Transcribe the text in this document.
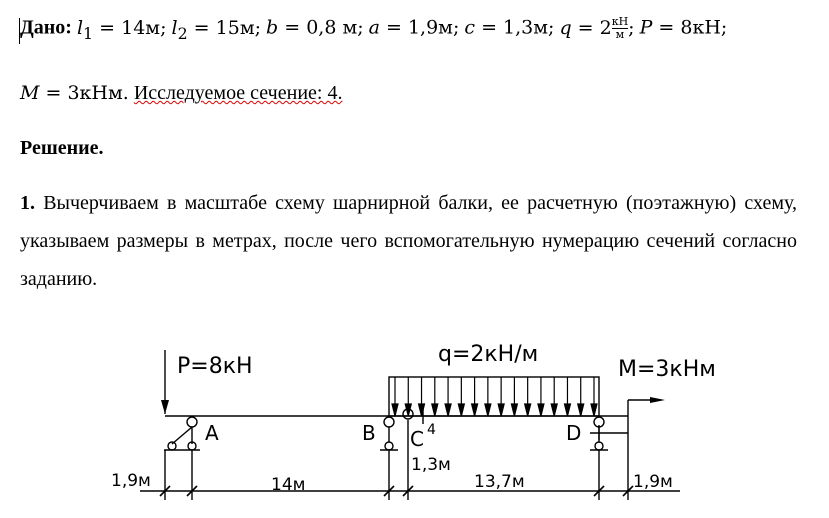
Дано: $l_1 = 14м$; $l_2 = 15м$; b = 0,8 м; a = 1,9м; c = 1,3м; $q = 2 \frac{кН}{м}$ ; P = 8кН;
M = 3кНм. Исследуемое сечение: 4.
Решение.
1. Вычерчиваем в масштабе схему шарнирной балки, ее расчетную (поэтажную) схему, указываем размеры в метрах, после чего вспомогательную нумерацию сечений согласно заданию.
P=8кН	q=2кН/м
M=3кНм
A	B C 4	D
1,9м	14м
1,3м
13,7м	1,9м
